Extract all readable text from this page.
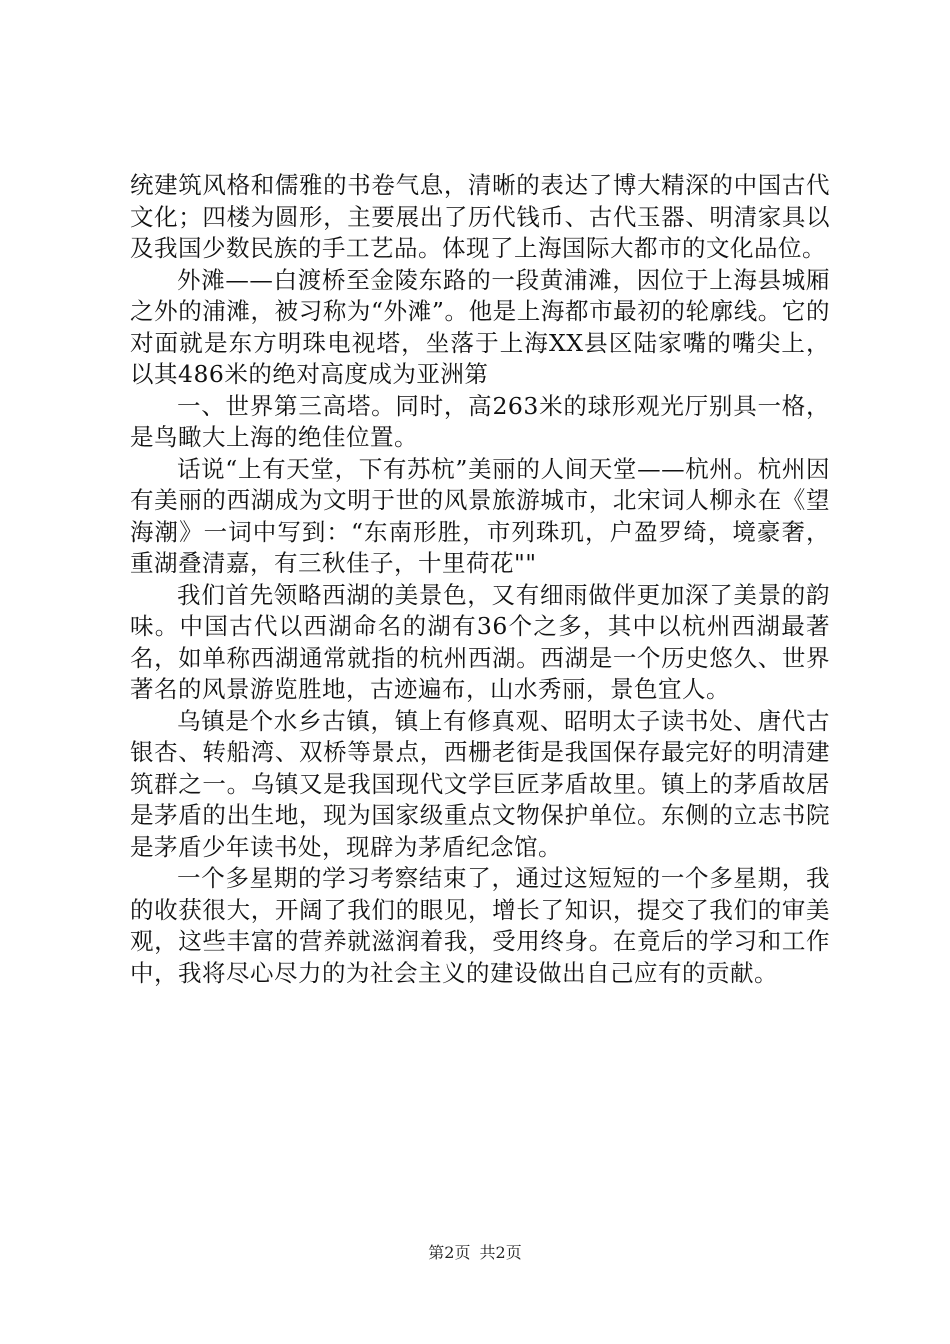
统建筑风格和儒雅的书卷气息，清晰的表达了博大精深的中国古代文化；四楼为圆形，主要展出了历代钱币、古代玉器、明清家具以及我国少数民族的手工艺品。体现了上海国际大都市的文化品位。

外滩——白渡桥至金陵东路的一段黄浦滩，因位于上海县城厢之外的浦滩，被习称为“外滩”。他是上海都市最初的轮廓线。它的对面就是东方明珠电视塔，坐落于上海XX县区陆家嘴的嘴尖上，以其486米的绝对高度成为亚洲第

一、世界第三高塔。同时，高263米的球形观光厅别具一格，是鸟瞰大上海的绝佳位置。

话说“上有天堂，下有苏杭”美丽的人间天堂——杭州。杭州因有美丽的西湖成为文明于世的风景旅游城市，北宋词人柳永在《望海潮》一词中写到：“东南形胜，市列珠玑，户盈罗绮，境豪奢，重湖叠清嘉，有三秋佳子，十里荷花""

我们首先领略西湖的美景色，又有细雨做伴更加深了美景的韵味。中国古代以西湖命名的湖有36个之多，其中以杭州西湖最著名，如单称西湖通常就指的杭州西湖。西湖是一个历史悠久、世界著名的风景游览胜地，古迹遍布，山水秀丽，景色宜人。

乌镇是个水乡古镇，镇上有修真观、昭明太子读书处、唐代古银杏、转船湾、双桥等景点，西栅老街是我国保存最完好的明清建筑群之一。乌镇又是我国现代文学巨匠茅盾故里。镇上的茅盾故居是茅盾的出生地，现为国家级重点文物保护单位。东侧的立志书院是茅盾少年读书处，现辟为茅盾纪念馆。

一个多星期的学习考察结束了，通过这短短的一个多星期，我的收获很大，开阔了我们的眼见，增长了知识，提交了我们的审美观，这些丰富的营养就滋润着我，受用终身。在竟后的学习和工作中，我将尽心尽力的为社会主义的建设做出自己应有的贡献。

第2页 共2页
